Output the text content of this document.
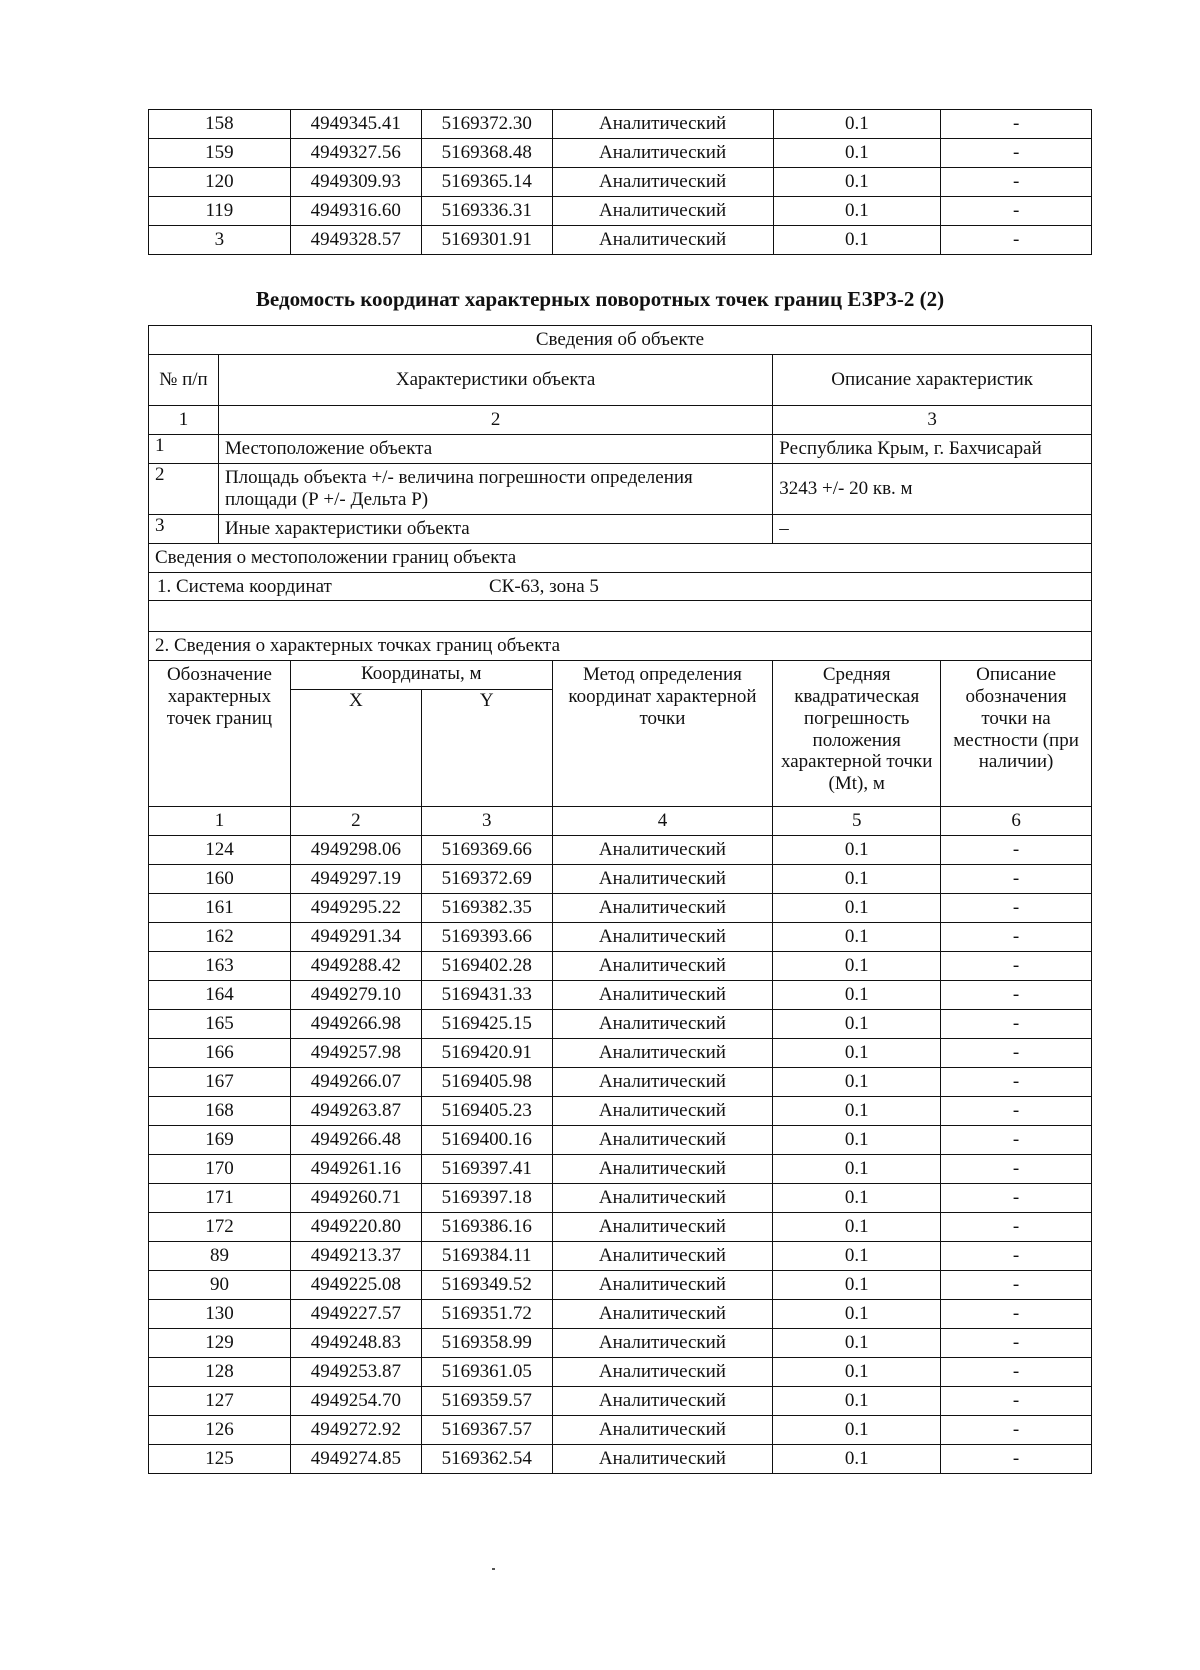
158	4949345.41	5169372.30	Аналитический	0.1	-
159	4949327.56	5169368.48	Аналитический	0.1	-
120	4949309.93	5169365.14	Аналитический	0.1	-
119	4949316.60	5169336.31	Аналитический	0.1	-
3	4949328.57	5169301.91	Аналитический	0.1	-
Ведомость координат характерных поворотных точек границ ЕЗРЗ-2 (2)
Сведения об объекте						
№ п/п	Характеристики объекта				Описание характеристик	
1	2				3	
1	Местоположение объекта				Республика Крым, г. Бахчисарай	
2	Площадь объекта +/- величина погрешности определения площади (Р +/- Дельта Р)				3243 +/- 20 кв. м	
3	Иные характеристики объекта				–	
Сведения о местоположении границ объекта						

1. Система координат СК-63, зона 5						

2. Сведения о характерных точках границ объекта						
Обозначение характерных точек границ		Координаты, м		Метод определения координат характерной точки	Средняя квадратическая погрешность положения характерной точки (Mt), м	Описание обозначения точки на местности (при наличии)
		X	Y			
1		2	3	4	5	6
124		4949298.06	5169369.66	Аналитический	0.1	-
160		4949297.19	5169372.69	Аналитический	0.1	-
161		4949295.22	5169382.35	Аналитический	0.1	-
162		4949291.34	5169393.66	Аналитический	0.1	-
163		4949288.42	5169402.28	Аналитический	0.1	-
164		4949279.10	5169431.33	Аналитический	0.1	-
165		4949266.98	5169425.15	Аналитический	0.1	-
166		4949257.98	5169420.91	Аналитический	0.1	-
167		4949266.07	5169405.98	Аналитический	0.1	-
168		4949263.87	5169405.23	Аналитический	0.1	-
169		4949266.48	5169400.16	Аналитический	0.1	-
170		4949261.16	5169397.41	Аналитический	0.1	-
171		4949260.71	5169397.18	Аналитический	0.1	-
172		4949220.80	5169386.16	Аналитический	0.1	-
89		4949213.37	5169384.11	Аналитический	0.1	-
90		4949225.08	5169349.52	Аналитический	0.1	-
130		4949227.57	5169351.72	Аналитический	0.1	-
129		4949248.83	5169358.99	Аналитический	0.1	-
128		4949253.87	5169361.05	Аналитический	0.1	-
127		4949254.70	5169359.57	Аналитический	0.1	-
126		4949272.92	5169367.57	Аналитический	0.1	-
125		4949274.85	5169362.54	Аналитический	0.1	-
